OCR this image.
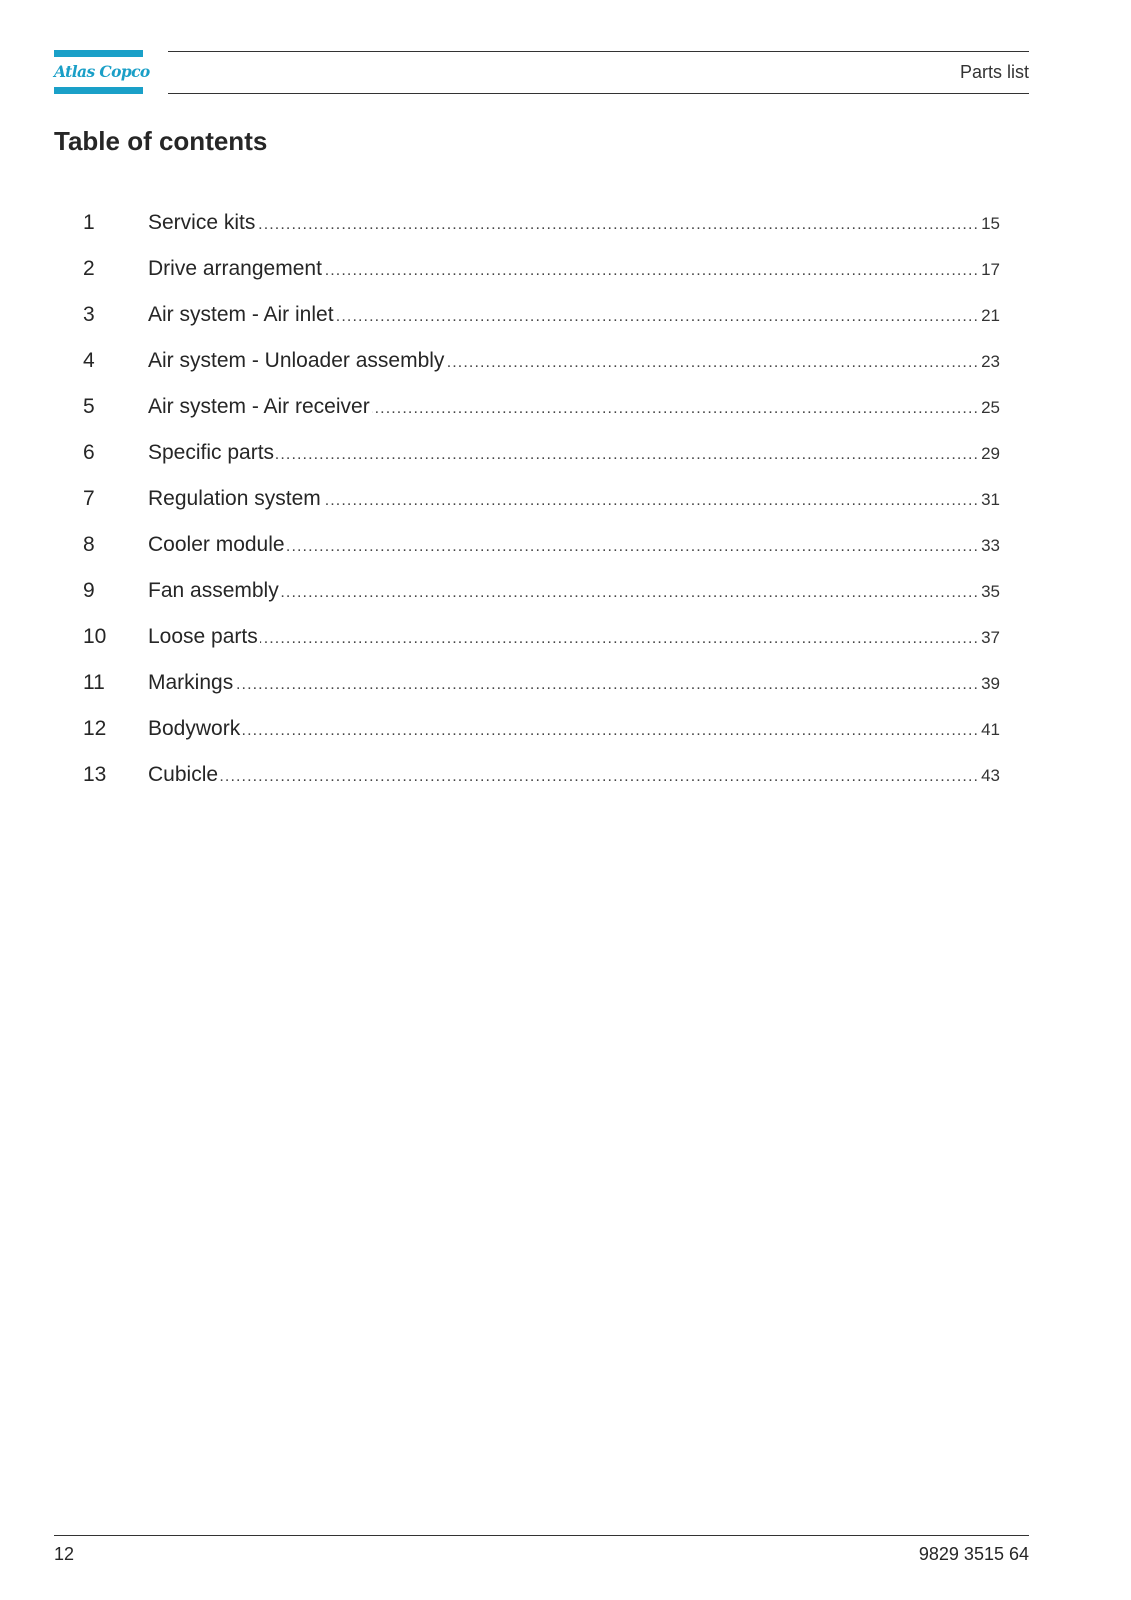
Atlas Copco	Parts list
Table of contents
1	Service kits .....	15
2	Drive arrangement .....	17
3	Air system - Air inlet .....	21
4	Air system - Unloader assembly .....	23
5	Air system - Air receiver .....	25
6	Specific parts .....	29
7	Regulation system .....	31
8	Cooler module .....	33
9	Fan assembly .....	35
10	Loose parts .....	37
11	Markings .....	39
12	Bodywork .....	41
13	Cubicle .....	43
12	9829 3515 64
